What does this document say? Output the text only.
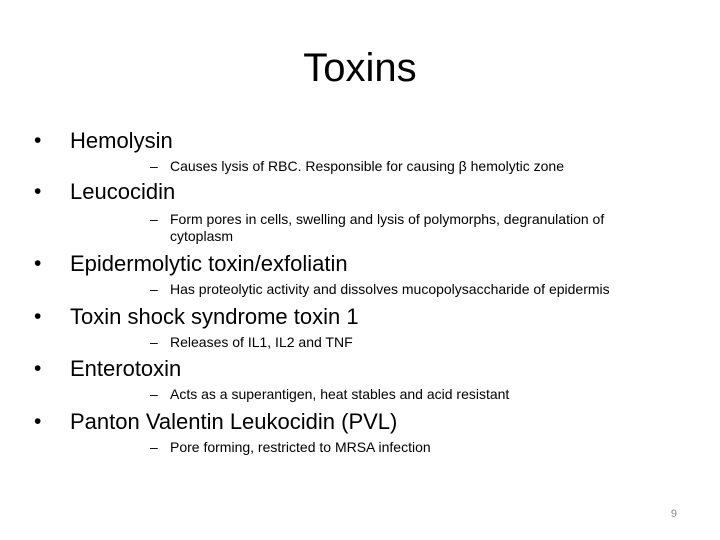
Toxins
• Hemolysin
– Causes lysis of RBC. Responsible for causing β hemolytic zone
• Leucocidin
– Form pores in cells, swelling and lysis of polymorphs, degranulation of cytoplasm
• Epidermolytic toxin/exfoliatin
– Has proteolytic activity and dissolves mucopolysaccharide of epidermis
• Toxin shock syndrome toxin 1
– Releases of IL1, IL2 and TNF
• Enterotoxin
– Acts as a superantigen, heat stables and acid resistant
• Panton Valentin Leukocidin (PVL)
– Pore forming, restricted to MRSA infection
9
